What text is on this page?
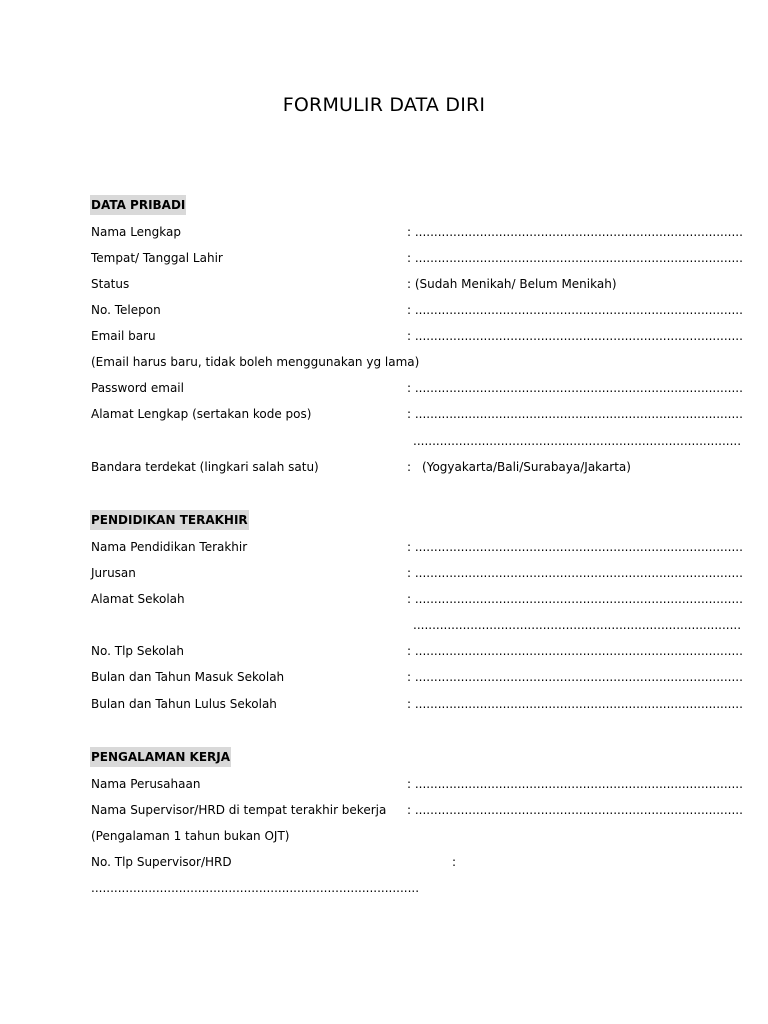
FORMULIR DATA DIRI
DATA PRIBADI
Nama Lengkap	: ......................................................................................
Tempat/ Tanggal Lahir	: ......................................................................................
Status	: (Sudah Menikah/ Belum Menikah)
No. Telepon	: ......................................................................................
Email baru	: ......................................................................................
(Email harus baru, tidak boleh menggunakan yg lama)
Password email	: ......................................................................................
Alamat Lengkap (sertakan kode pos)	: ......................................................................................
......................................................................................
Bandara terdekat (lingkari salah satu)	: (Yogyakarta/Bali/Surabaya/Jakarta)
PENDIDIKAN TERAKHIR
Nama Pendidikan Terakhir	: ......................................................................................
Jurusan	: ......................................................................................
Alamat Sekolah	: ......................................................................................
......................................................................................
No. Tlp Sekolah	: ......................................................................................
Bulan dan Tahun Masuk Sekolah	: ......................................................................................
Bulan dan Tahun Lulus Sekolah	: ......................................................................................
PENGALAMAN KERJA
Nama Perusahaan	: ......................................................................................
Nama Supervisor/HRD di tempat terakhir bekerja : ......................................................................................
(Pengalaman 1 tahun bukan OJT)
No. Tlp Supervisor/HRD	:
......................................................................................
